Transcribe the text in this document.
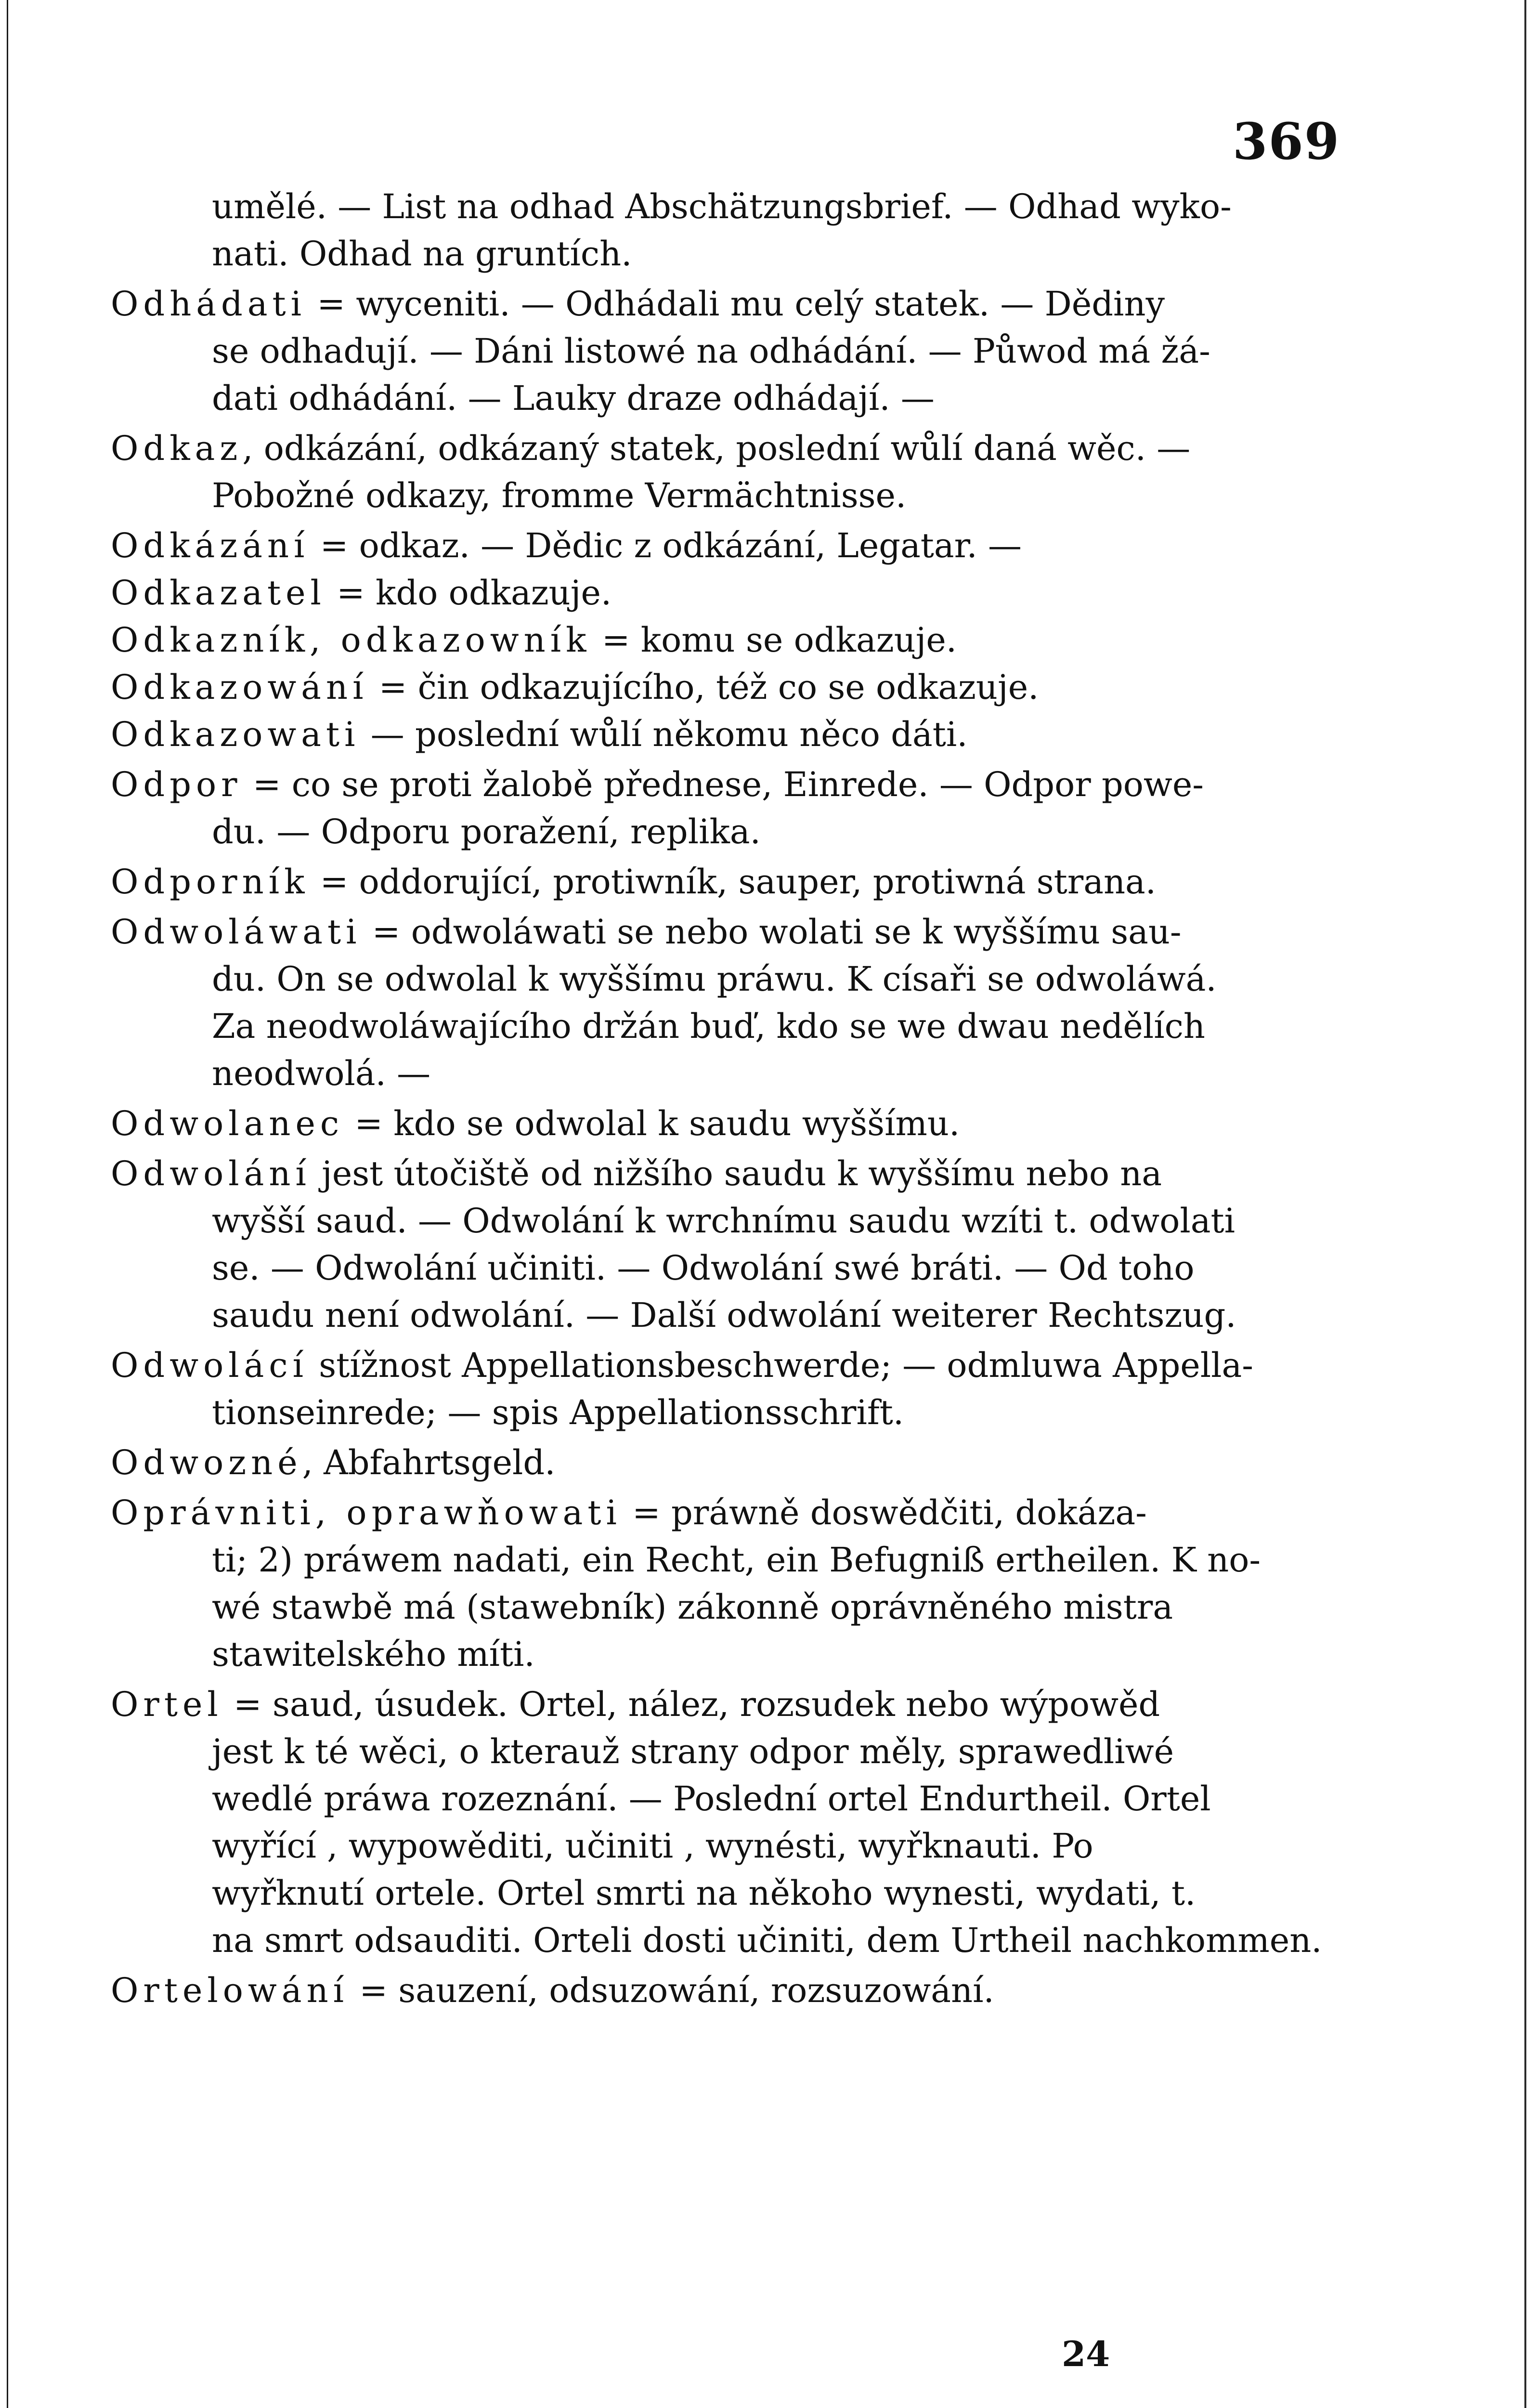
369
umělé. — List na odhad Abschätzungsbrief. — Odhad wyko-
nati. Odhad na gruntích.
Odhádati = wyceniti. — Odhádali mu celý statek. — Dědiny
se odhadují. — Dáni listowé na odhádání. — Půwod má žá-
dati odhádání. — Lauky draze odhádají. —
Odkaz, odkázání, odkázaný statek, poslední wůlí daná wěc. —
Pobožné odkazy, fromme Vermächtnisse.
Odkázání = odkaz. — Dědic z odkázání, Legatar. —
Odkazatel = kdo odkazuje.
Odkazník, odkazowník = komu se odkazuje.
Odkazowání = čin odkazujícího, též co se odkazuje.
Odkazowati — poslední wůlí někomu něco dáti.
Odpor = co se proti žalobě přednese, Einrede. — Odpor powe-
du. — Odporu poražení, replika.
Odporník = oddorující, protiwník, sauper, protiwná strana.
Odwoláwati = odwoláwati se nebo wolati se k wyššímu sau-
du. On se odwolal k wyššímu práwu. K císaři se odwoláwá.
Za neodwoláwajícího držán buď, kdo se we dwau nedělích
neodwolá. —
Odwolanec = kdo se odwolal k saudu wyššímu.
Odwolání jest útočiště od nižšího saudu k wyššímu nebo na
wyšší saud. — Odwolání k wrchnímu saudu wzíti t. odwolati
se. — Odwolání učiniti. — Odwolání swé bráti. — Od toho
saudu není odwolání. — Další odwolání weiterer Rechtszug.
Odwolácí stížnost Appellationsbeschwerde; — odmluwa Appella-
tionseinrede; — spis Appellationsschrift.
Odwozné, Abfahrtsgeld.
Oprávniti, oprawňowati = práwně doswědčiti, dokáza-
ti; 2) práwem nadati, ein Recht, ein Befugniß ertheilen. K no-
wé stawbě má (stawebník) zákonně oprávněného mistra
stawitelského míti.
Ortel = saud, úsudek. Ortel, nález, rozsudek nebo wýpowěd
jest k té wěci, o kterauž strany odpor měly, sprawedliwé
wedlé práwa rozeznání. — Poslední ortel Endurtheil. Ortel
wyřící , wypowěditi, učiniti , wynésti, wyřknauti. Po
wyřknutí ortele. Ortel smrti na někoho wynesti, wydati, t.
na smrt odsauditi. Orteli dosti učiniti, dem Urtheil nachkommen.
Ortelowání = sauzení, odsuzowání, rozsuzowání.
24
